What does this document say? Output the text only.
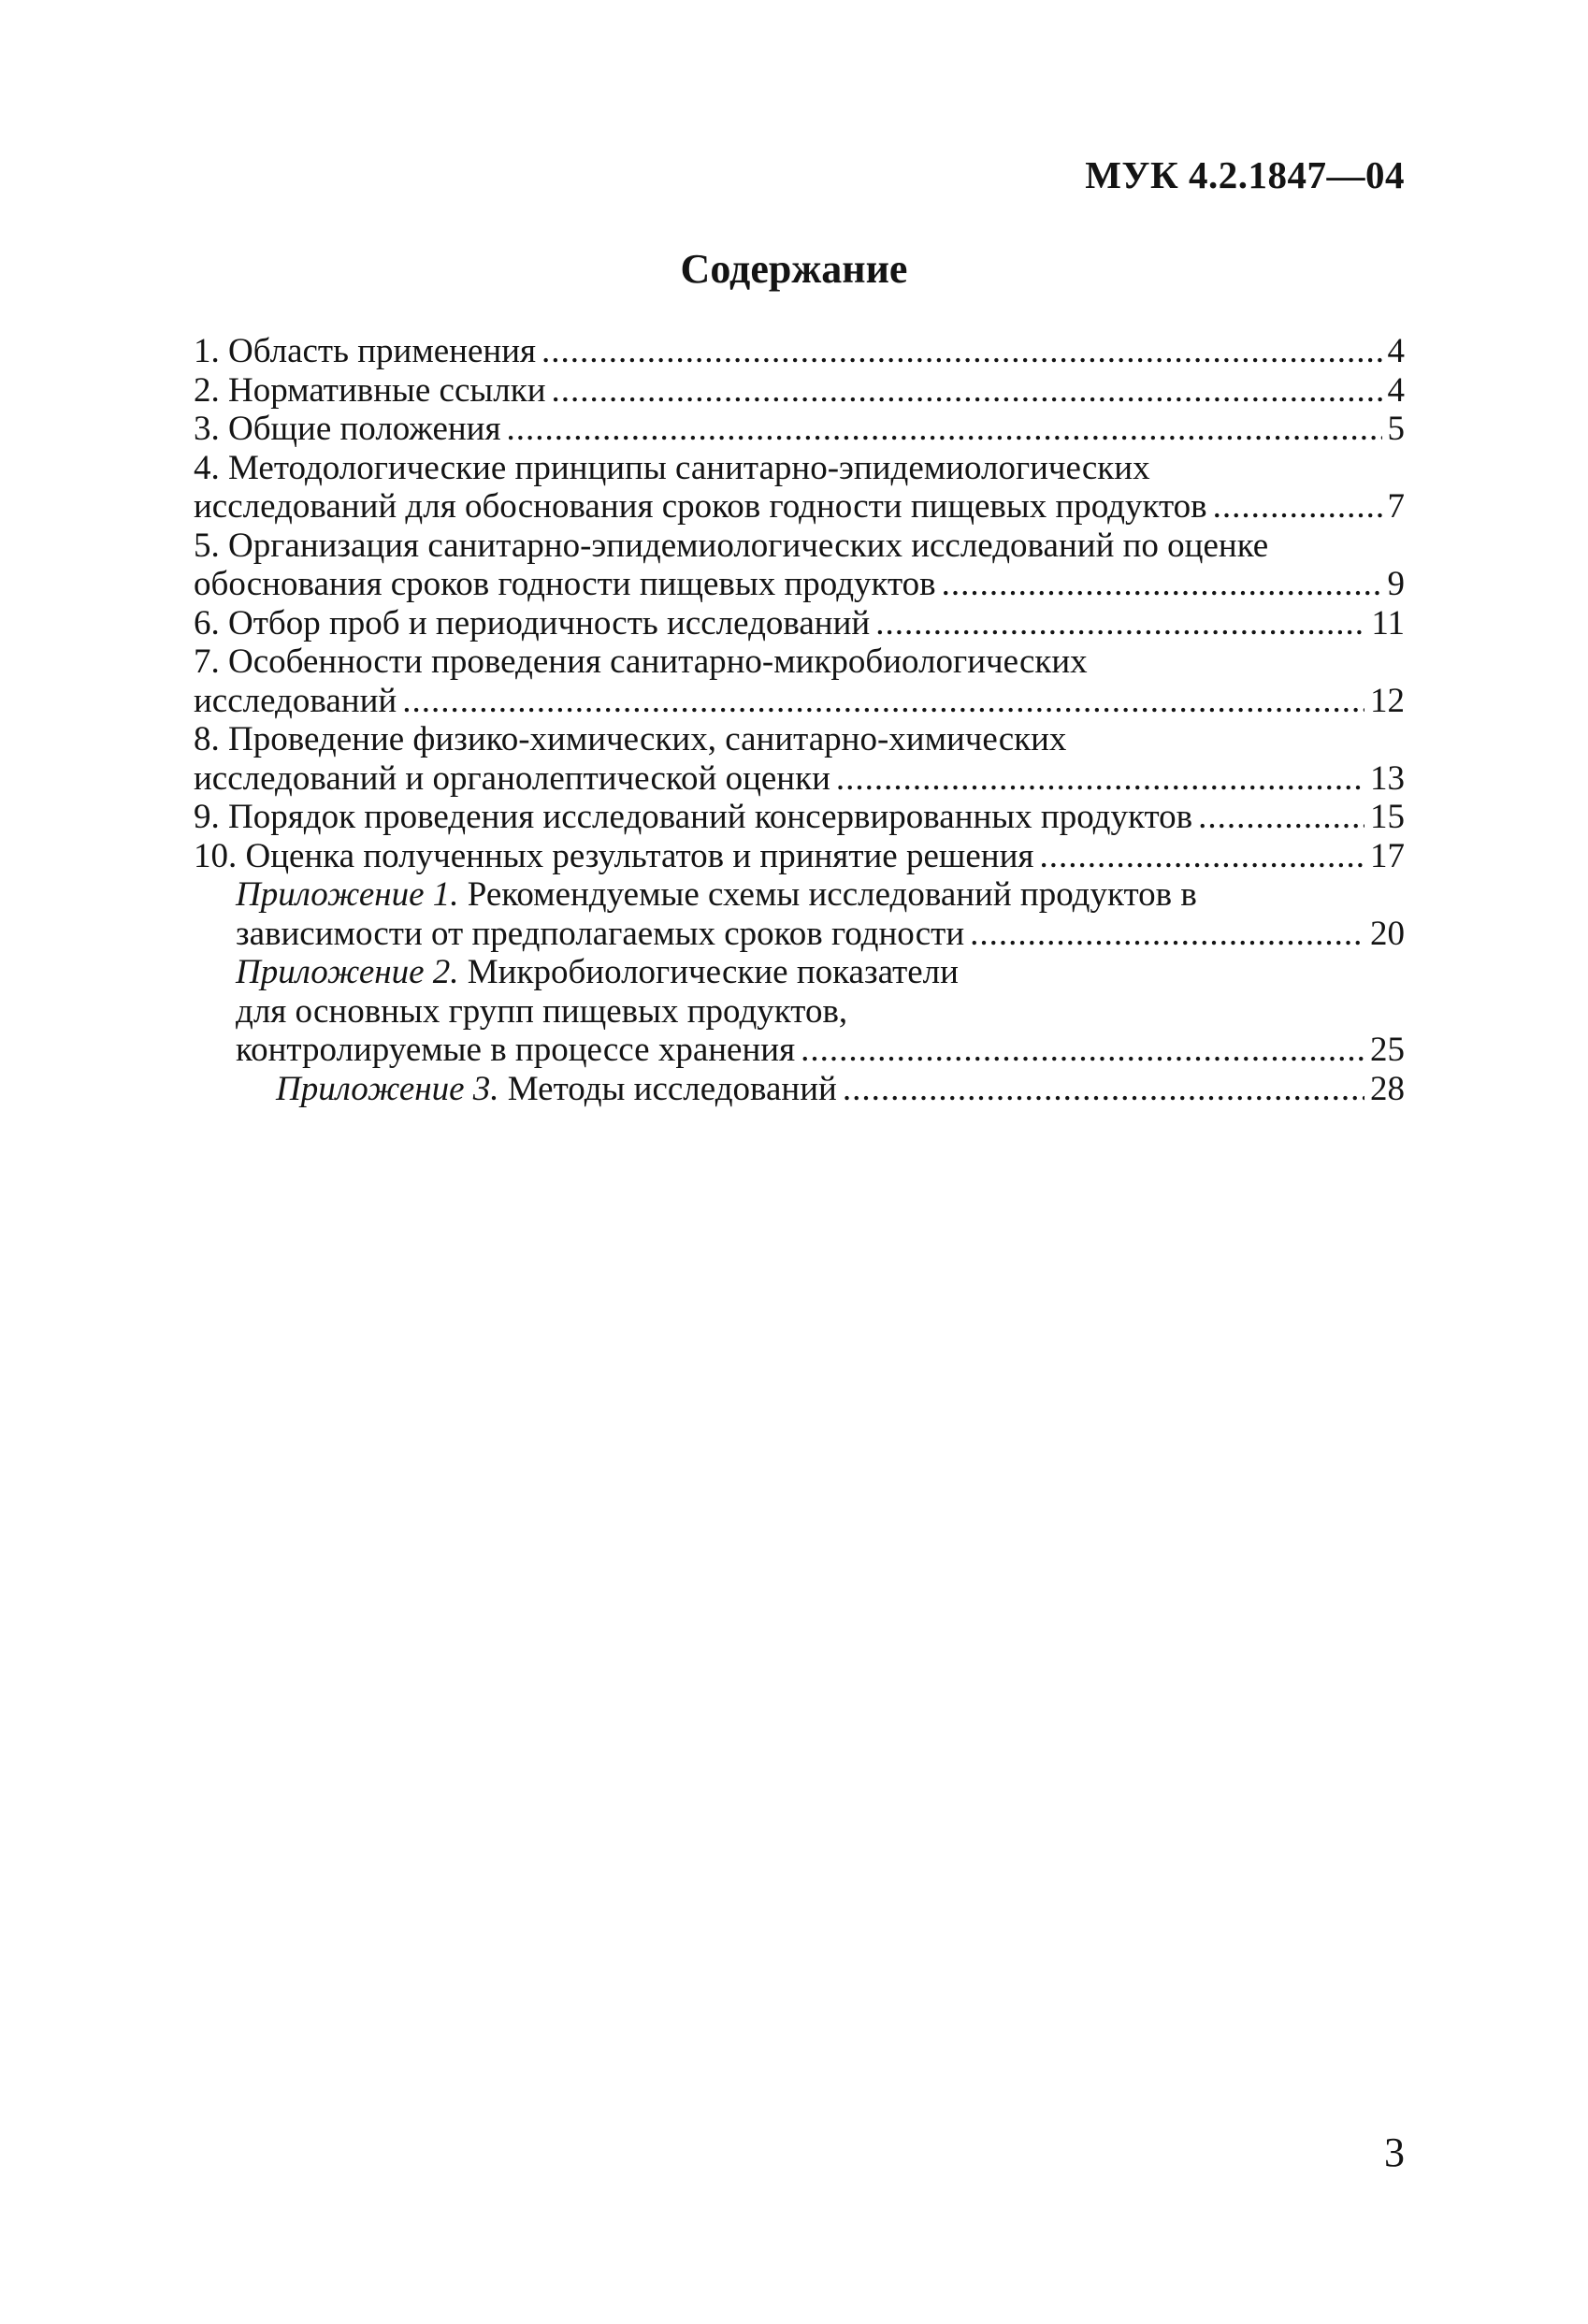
МУК 4.2.1847—04
Содержание
1. Область применения .....	4
2. Нормативные ссылки .....	4
3. Общие положения .....	5
4. Методологические принципы санитарно-эпидемиологических
исследований для обоснования сроков годности пищевых продуктов .....	7
5. Организация санитарно-эпидемиологических исследований по оценке
обоснования сроков годности пищевых продуктов .....	9
6. Отбор проб и периодичность исследований .....	11
7. Особенности проведения санитарно-микробиологических
исследований .....	12
8. Проведение физико-химических, санитарно-химических
исследований и органолептической оценки .....	13
9. Порядок проведения исследований консервированных продуктов .....	15
10. Оценка полученных результатов и принятие решения .....	17
Приложение 1. Рекомендуемые схемы исследований продуктов в
зависимости от предполагаемых сроков годности .....	20
Приложение 2. Микробиологические показатели
для основных групп пищевых продуктов,
контролируемые в процессе хранения .....	25
Приложение 3. Методы исследований .....	28
3
